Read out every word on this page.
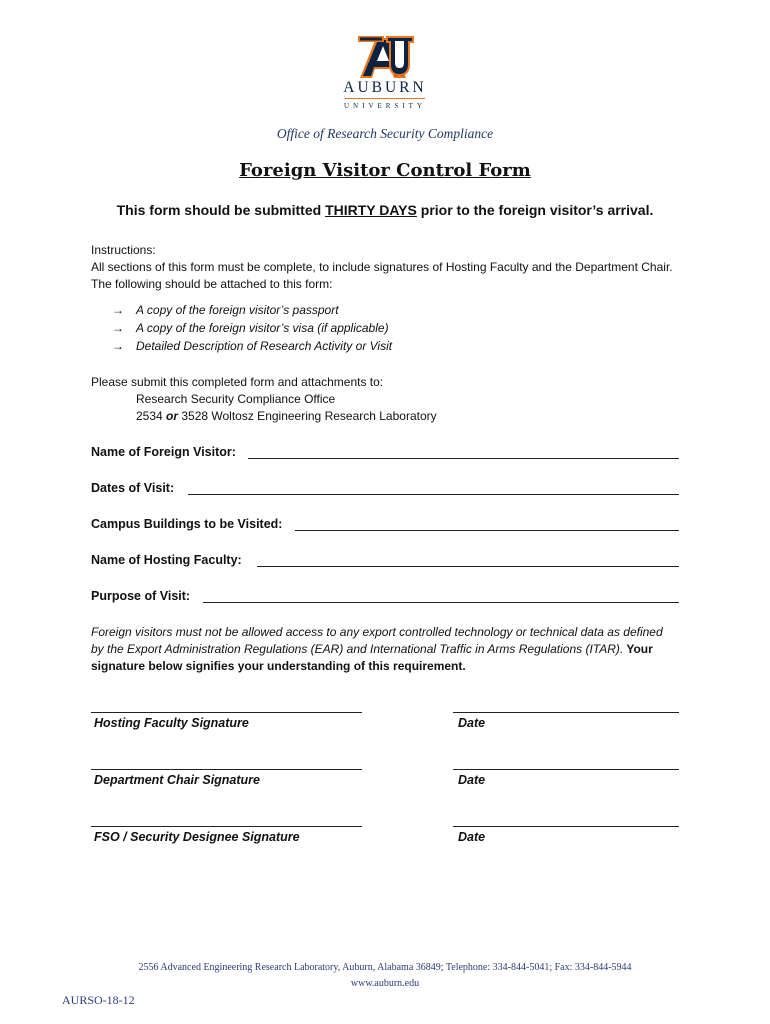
AUBURN
UNIVERSITY
Office of Research Security Compliance
Foreign Visitor Control Form
This form should be submitted THIRTY DAYS prior to the foreign visitor’s arrival.
Instructions:
All sections of this form must be complete, to include signatures of Hosting Faculty and the Department Chair. The following should be attached to this form:
→ A copy of the foreign visitor’s passport
→ A copy of the foreign visitor’s visa (if applicable)
→ Detailed Description of Research Activity or Visit
Please submit this completed form and attachments to:
Research Security Compliance Office
2534 or 3528 Woltosz Engineering Research Laboratory
Name of Foreign Visitor:
Dates of Visit:
Campus Buildings to be Visited:
Name of Hosting Faculty:
Purpose of Visit:
Foreign visitors must not be allowed access to any export controlled technology or technical data as defined by the Export Administration Regulations (EAR) and International Traffic in Arms Regulations (ITAR). Your signature below signifies your understanding of this requirement.
Hosting Faculty Signature	Date
Department Chair Signature	Date
FSO / Security Designee Signature	Date
2556 Advanced Engineering Research Laboratory, Auburn, Alabama 36849; Telephone: 334-844-5041; Fax: 334-844-5944
www.auburn.edu
AURSO-18-12
